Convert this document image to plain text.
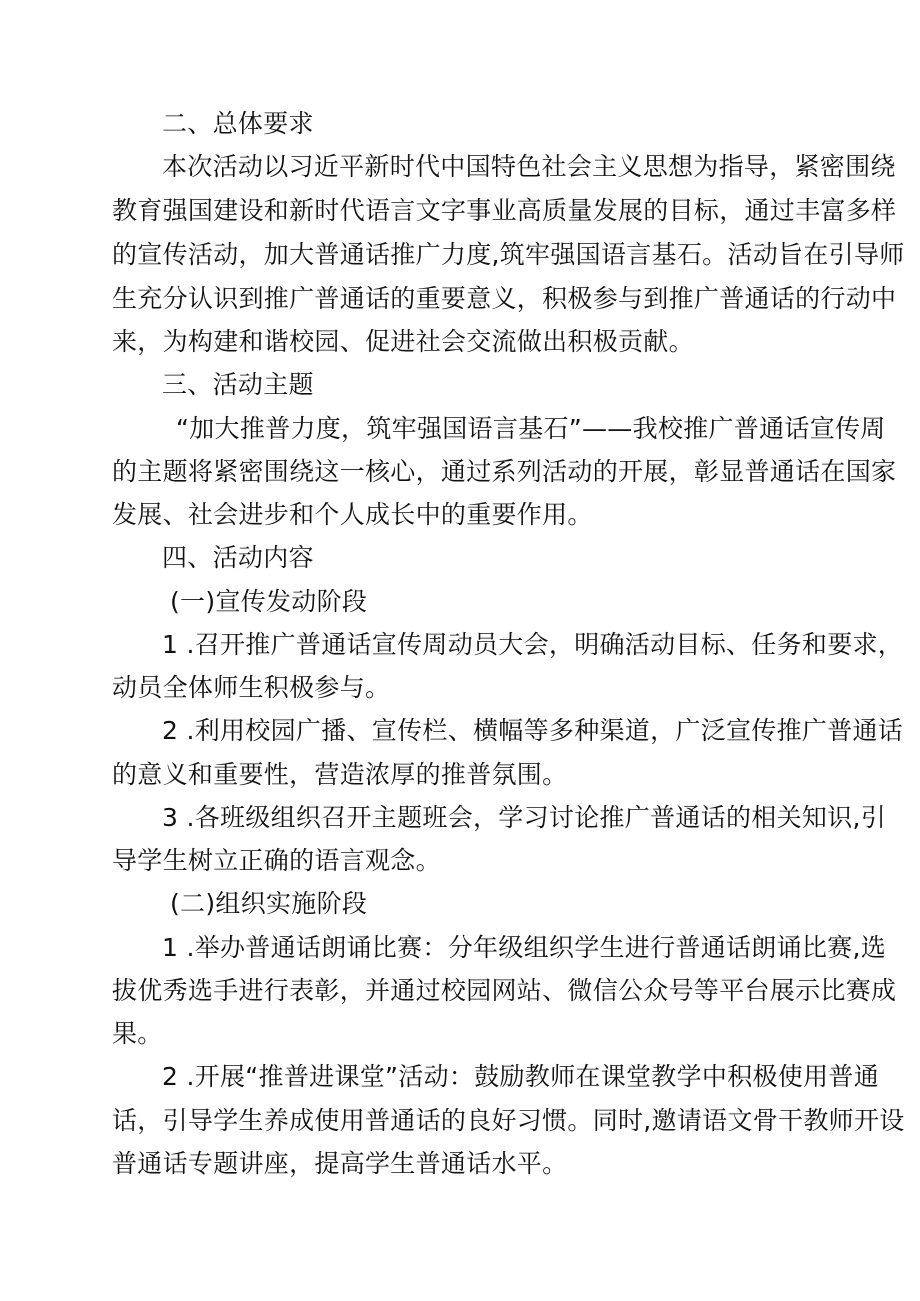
二、总体要求
本次活动以习近平新时代中国特色社会主义思想为指导，紧密围绕
教育强国建设和新时代语言文字事业高质量发展的目标，通过丰富多样
的宣传活动，加大普通话推广力度,筑牢强国语言基石。活动旨在引导师
生充分认识到推广普通话的重要意义，积极参与到推广普通话的行动中
来，为构建和谐校园、促进社会交流做出积极贡献。
三、活动主题
“加大推普力度，筑牢强国语言基石”——我校推广普通话宣传周
的主题将紧密围绕这一核心，通过系列活动的开展，彰显普通话在国家
发展、社会进步和个人成长中的重要作用。
四、活动内容
(一)宣传发动阶段
1 .召开推广普通话宣传周动员大会，明确活动目标、任务和要求，
动员全体师生积极参与。
2 .利用校园广播、宣传栏、横幅等多种渠道，广泛宣传推广普通话
的意义和重要性，营造浓厚的推普氛围。
3 .各班级组织召开主题班会，学习讨论推广普通话的相关知识,引
导学生树立正确的语言观念。
(二)组织实施阶段
1 .举办普通话朗诵比赛：分年级组织学生进行普通话朗诵比赛,选
拔优秀选手进行表彰，并通过校园网站、微信公众号等平台展示比赛成
果。
2 .开展“推普进课堂”活动：鼓励教师在课堂教学中积极使用普通
话，引导学生养成使用普通话的良好习惯。同时,邀请语文骨干教师开设
普通话专题讲座，提高学生普通话水平。
